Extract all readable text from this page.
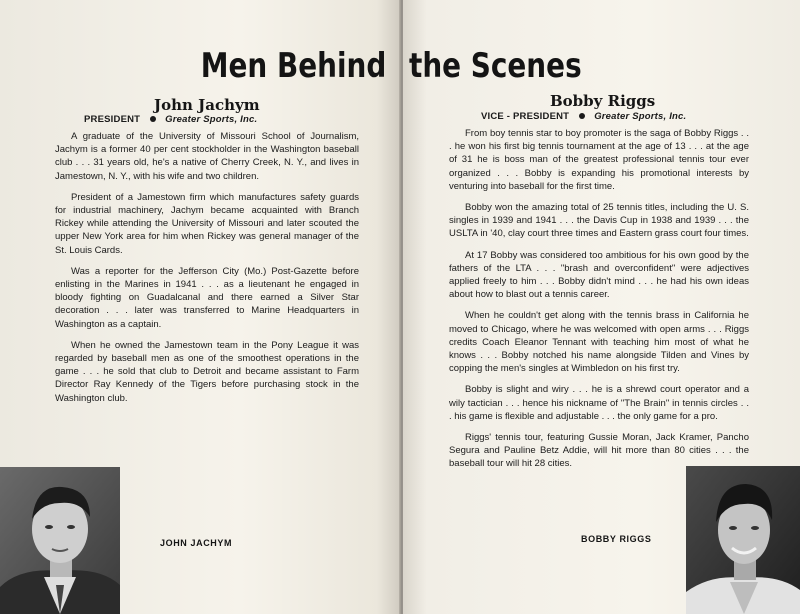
Men Behind
John Jachym
PRESIDENT	Greater Sports, Inc.

A graduate of the University of Missouri School of Journalism, Jachym is a former 40 per cent stockholder in the Washington baseball club . . . 31 years old, he's a native of Cherry Creek, N. Y., and lives in Jamestown, N. Y., with his wife and two children.

President of a Jamestown firm which manufactures safety guards for industrial machinery, Jachym became acquainted with Branch Rickey while attending the University of Missouri and later scouted the upper New York area for him when Rickey was general manager of the St. Louis Cards.

Was a reporter for the Jefferson City (Mo.) Post-Gazette before enlisting in the Marines in 1941 . . . as a lieutenant he engaged in bloody fighting on Guadalcanal and there earned a Silver Star decoration . . . later was transferred to Marine Headquarters in Washington as a captain.

When he owned the Jamestown team in the Pony League it was regarded by baseball men as one of the smoothest operations in the game . . . he sold that club to Detroit and became assistant to Farm Director Ray Kennedy of the Tigers before purchasing stock in the Washington club.

JOHN JACHYM
the Scenes
Bobby Riggs
VICE - PRESIDENT	Greater Sports, Inc.

From boy tennis star to boy promoter is the saga of Bobby Riggs . . . he won his first big tennis tournament at the age of 13 . . . at the age of 31 he is boss man of the greatest professional tennis tour ever organized . . . Bobby is expanding his promotional interests by venturing into baseball for the first time.

Bobby won the amazing total of 25 tennis titles, including the U. S. singles in 1939 and 1941 . . . the Davis Cup in 1938 and 1939 . . . the USLTA in '40, clay court three times and Eastern grass court four times.

At 17 Bobby was considered too ambitious for his own good by the fathers of the LTA . . . "brash and overconfident" were adjectives applied freely to him . . . Bobby didn't mind . . . he had his own ideas about how to blast out a tennis career.

When he couldn't get along with the tennis brass in California he moved to Chicago, where he was welcomed with open arms . . . Riggs credits Coach Eleanor Tennant with teaching him most of what he knows . . . Bobby notched his name alongside Tilden and Vines by copping the men's singles at Wimbledon on his first try.

Bobby is slight and wiry . . . he is a shrewd court operator and a wily tactician . . . hence his nickname of "The Brain" in tennis circles . . . his game is flexible and adjustable . . . the only game for a pro.

Riggs' tennis tour, featuring Gussie Moran, Jack Kramer, Pancho Segura and Pauline Betz Addie, will hit more than 80 cities . . . the baseball tour will hit 28 cities.

BOBBY RIGGS
